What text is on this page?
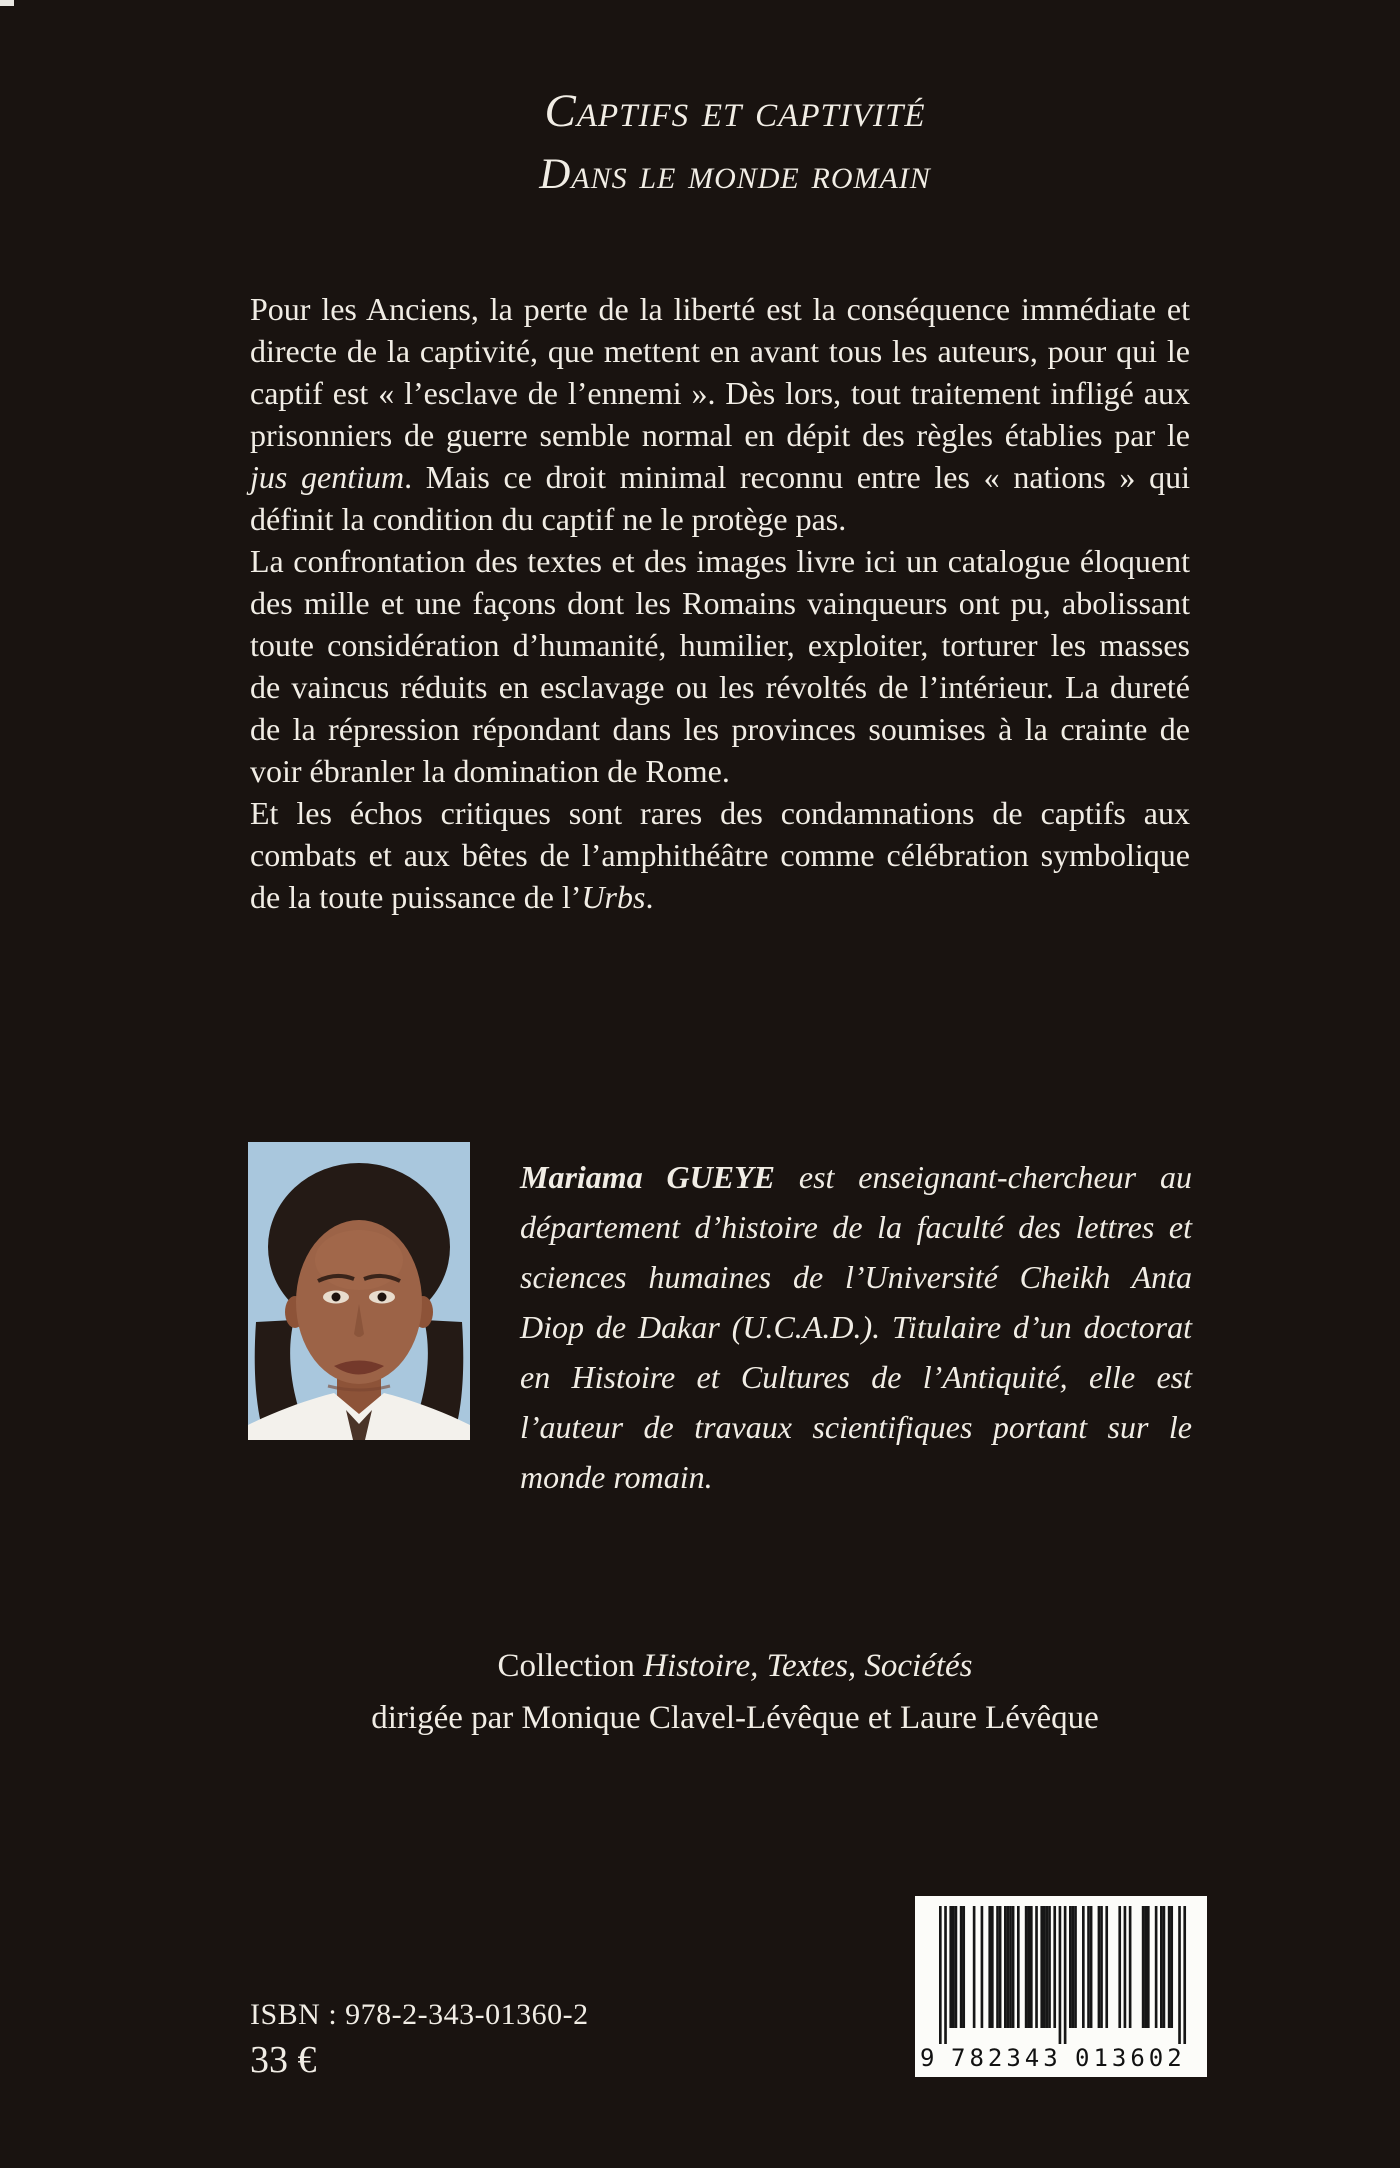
Captifs et captivité
Dans le monde romain

Pour les Anciens, la perte de la liberté est la conséquence immédiate et directe de la captivité, que mettent en avant tous les auteurs, pour qui le captif est « l’esclave de l’ennemi ». Dès lors, tout traitement infligé aux prisonniers de guerre semble normal en dépit des règles établies par le jus gentium. Mais ce droit minimal reconnu entre les « nations » qui définit la condition du captif ne le protège pas.

La confrontation des textes et des images livre ici un catalogue éloquent des mille et une façons dont les Romains vainqueurs ont pu, abolissant toute considération d’humanité, humilier, exploiter, torturer les masses de vaincus réduits en esclavage ou les révoltés de l’intérieur. La dureté de la répression répondant dans les provinces soumises à la crainte de voir ébranler la domination de Rome.

Et les échos critiques sont rares des condamnations de captifs aux combats et aux bêtes de l’amphithéâtre comme célébration symbolique de la toute puissance de l’Urbs.

Mariama GUEYE est enseignant-chercheur au département d’histoire de la faculté des lettres et sciences humaines de l’Université Cheikh Anta Diop de Dakar (U.C.A.D.). Titulaire d’un doctorat en Histoire et Cultures de l’Antiquité, elle est l’auteur de travaux scientifiques portant sur le monde romain.
Collection Histoire, Textes, Sociétés
dirigée par Monique Clavel-Lévêque et Laure Lévêque
ISBN : 978-2-343-01360-2
33 €	9 782343 013602
